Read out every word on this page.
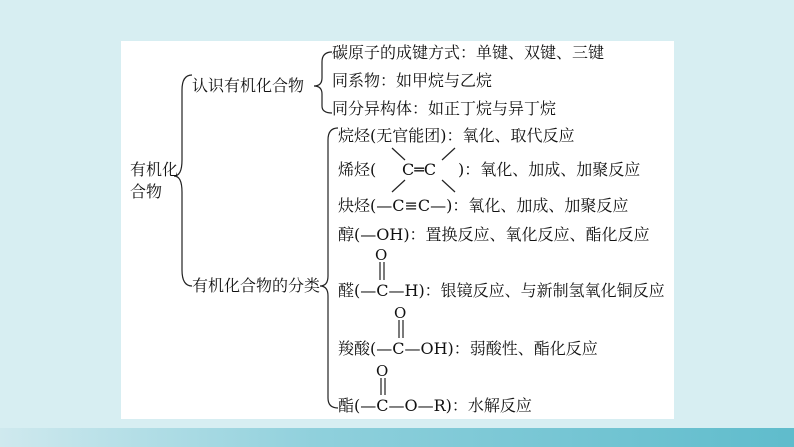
有机化
合物
认识有机化合物
碳原子的成键方式：单键、双键、三键
同系物：如甲烷与乙烷
同分异构体：如正丁烷与异丁烷
有机化合物的分类
烷烃(无官能团)：氧化、取代反应
烯烃( C═C )：氧化、加成、加聚反应
炔烃(—C≡C—)：氧化、加成、加聚反应
醇(—OH)：置换反应、氧化反应、酯化反应
O
醛(—C—H)：银镜反应、与新制氢氧化铜反应
O
羧酸(—C—OH)：弱酸性、酯化反应
O
酯(—C—O—R)：水解反应
